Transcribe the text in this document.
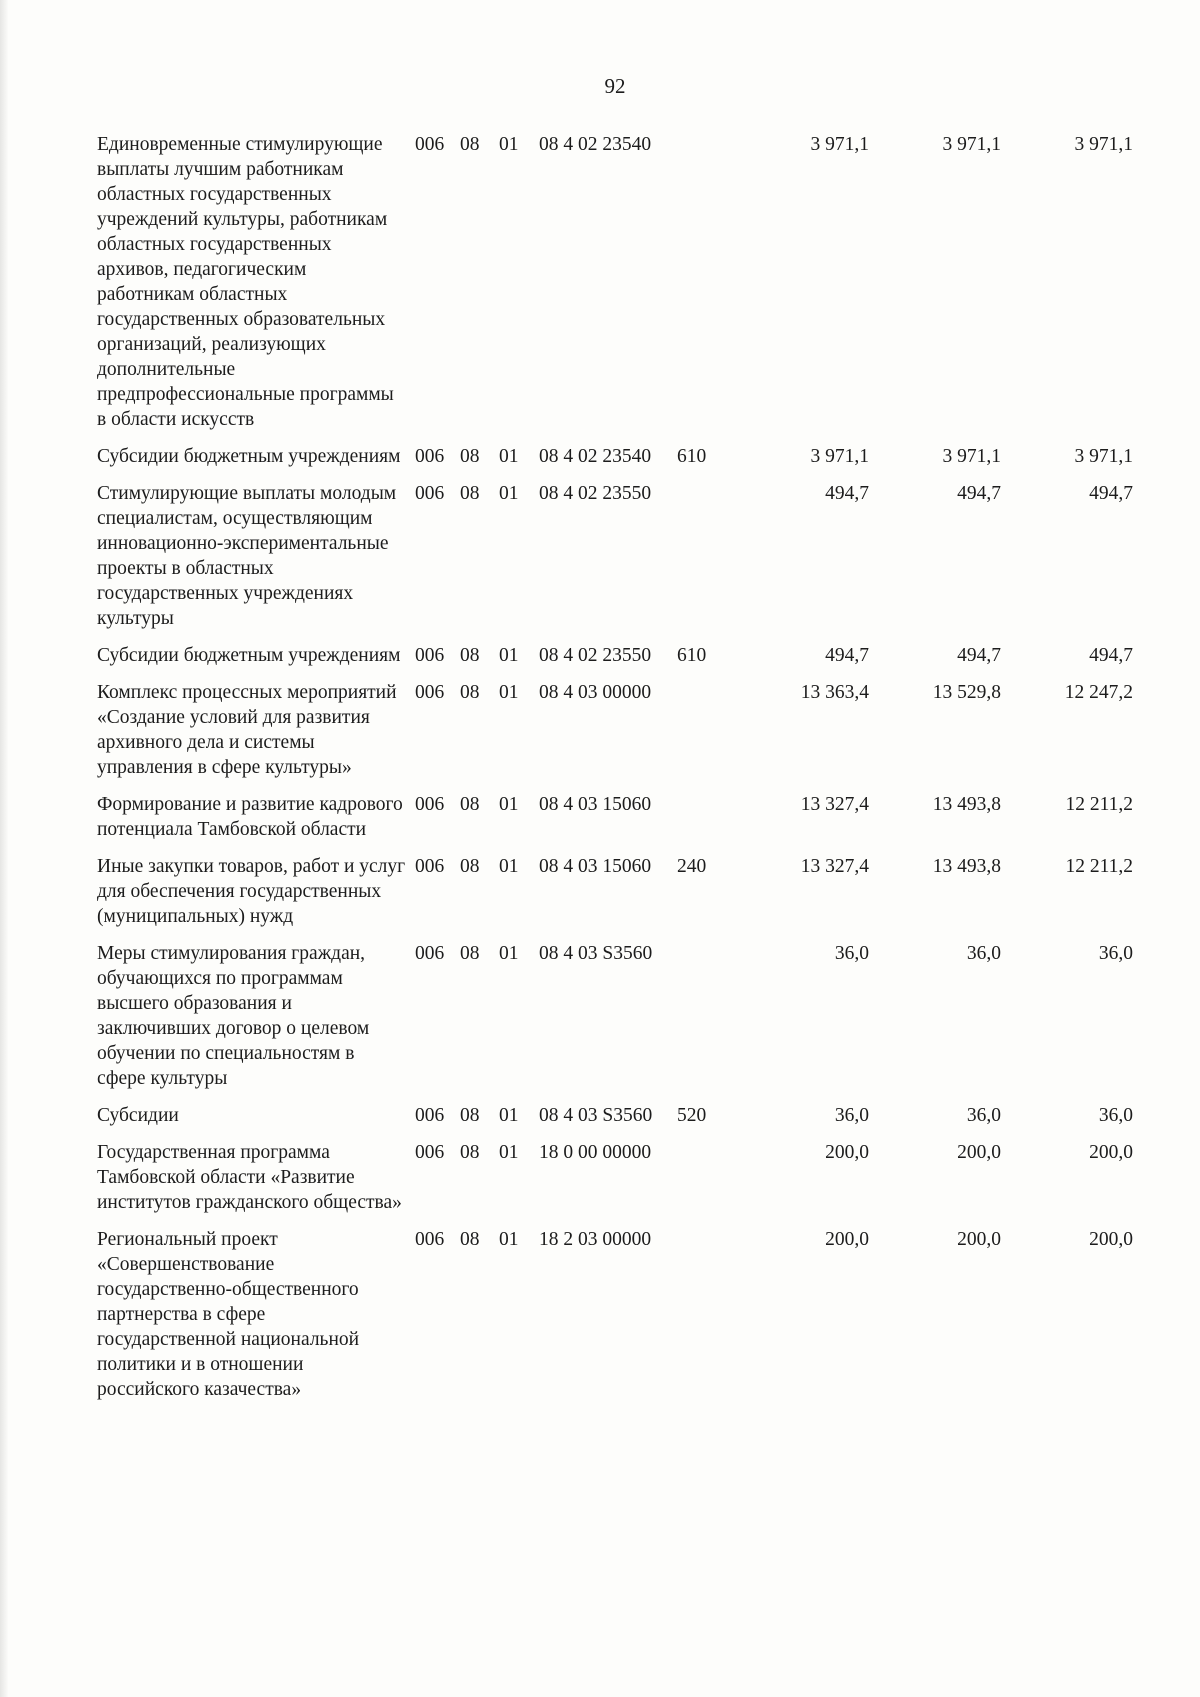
92
Единовременные стимулирующие выплаты лучшим работникам областных государственных учреждений культуры, работникам областных государственных архивов, педагогическим работникам областных государственных образовательных организаций, реализующих дополнительные предпрофессиональные программы в области искусств	006	08	01	08 4 02 23540		3 971,1	3 971,1	3 971,1
Субсидии бюджетным учреждениям	006	08	01	08 4 02 23540	610	3 971,1	3 971,1	3 971,1
Стимулирующие выплаты молодым специалистам, осуществляющим инновационно-экспериментальные проекты в областных государственных учреждениях культуры	006	08	01	08 4 02 23550		494,7	494,7	494,7
Субсидии бюджетным учреждениям	006	08	01	08 4 02 23550	610	494,7	494,7	494,7
Комплекс процессных мероприятий «Создание условий для развития архивного дела и системы управления в сфере культуры»	006	08	01	08 4 03 00000		13 363,4	13 529,8	12 247,2
Формирование и развитие кадрового потенциала Тамбовской области	006	08	01	08 4 03 15060		13 327,4	13 493,8	12 211,2
Иные закупки товаров, работ и услуг для обеспечения государственных (муниципальных) нужд	006	08	01	08 4 03 15060	240	13 327,4	13 493,8	12 211,2
Меры стимулирования граждан, обучающихся по программам высшего образования и заключивших договор о целевом обучении по специальностям в сфере культуры	006	08	01	08 4 03 S3560		36,0	36,0	36,0
Субсидии	006	08	01	08 4 03 S3560	520	36,0	36,0	36,0
Государственная программа Тамбовской области «Развитие институтов гражданского общества»	006	08	01	18 0 00 00000		200,0	200,0	200,0
Региональный проект «Совершенствование государственно-общественного партнерства в сфере государственной национальной политики и в отношении российского казачества»	006	08	01	18 2 03 00000		200,0	200,0	200,0
